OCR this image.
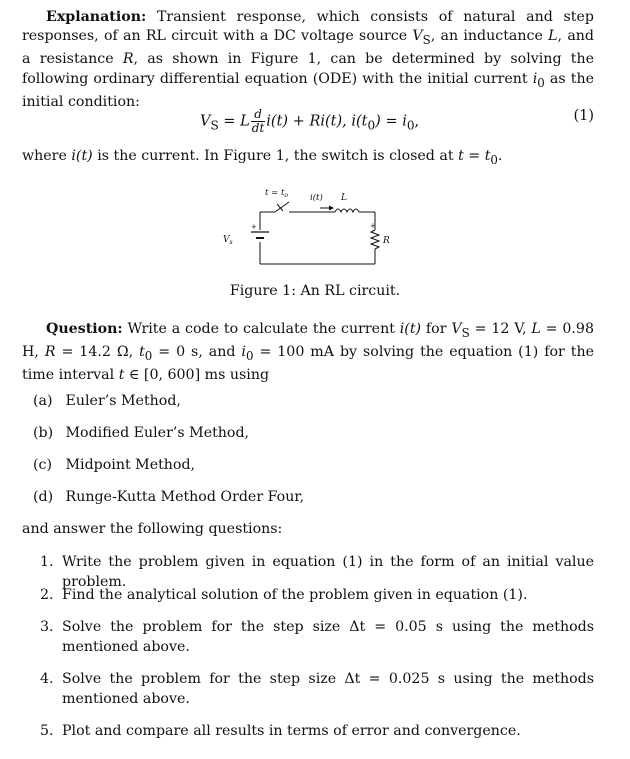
Explanation: Transient response, which consists of natural and step responses, of an RL circuit with a DC voltage source $V_S$, an inductance L, and a resistance R, as shown in Figure 1, can be determined by solving the following ordinary differential equation (ODE) with the initial current $i_0$ as the initial condition:
$V_S = L \frac{d}{dt} i(t) + Ri(t)$, $i(t_0) = i_0$,	(1)
where i(t) is the current. In Figure 1, the switch is closed at $t = t_0$.
$t = t_o$	i(t) L
$V_s$	R
+	+
Figure 1: An RL circuit.
Question: Write a code to calculate the current i(t) for $V_S = 12$ V, L = 0.98 H, R = 14.2 Ω, $t_0 = 0$ s, and $i_0 = 100$ mA by solving the equation (1) for the time interval t ∈ [0, 600] ms using
(a) Euler’s Method,
(b) Modified Euler’s Method,
(c) Midpoint Method,
(d) Runge-Kutta Method Order Four,
and answer the following questions:
1. Write the problem given in equation (1) in the form of an initial value problem.
2. Find the analytical solution of the problem given in equation (1).
3. Solve the problem for the step size Δt = 0.05 s using the methods mentioned above.
4. Solve the problem for the step size Δt = 0.025 s using the methods mentioned above.
5. Plot and compare all results in terms of error and convergence.
